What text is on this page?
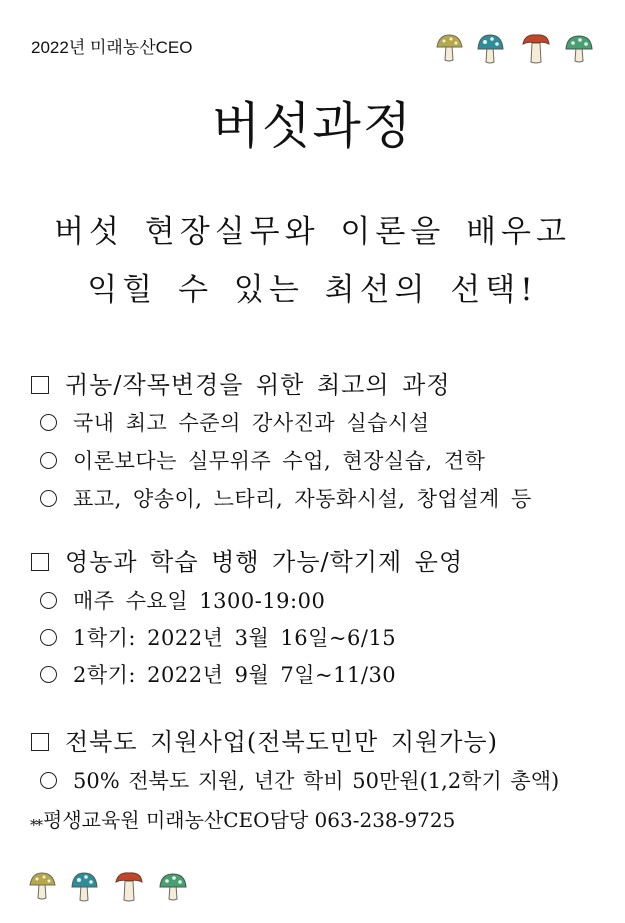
2022년 미래농산CEO
버섯과정
버섯 현장실무와 이론을 배우고
익힐 수 있는 최선의 선택!
귀농/작목변경을 위한 최고의 과정
국내 최고 수준의 강사진과 실습시설
이론보다는 실무위주 수업, 현장실습, 견학
표고, 양송이, 느타리, 자동화시설, 창업설계 등
영농과 학습 병행 가능/학기제 운영
매주 수요일 1300-19:00
1학기: 2022년 3월 16일~6/15
2학기: 2022년 9월 7일~11/30
전북도 지원사업(전북도민만 지원가능)
50% 전북도 지원, 년간 학비 50만원(1,2학기 총액)
** 평생교육원 미래농산CEO담당 063-238-9725
